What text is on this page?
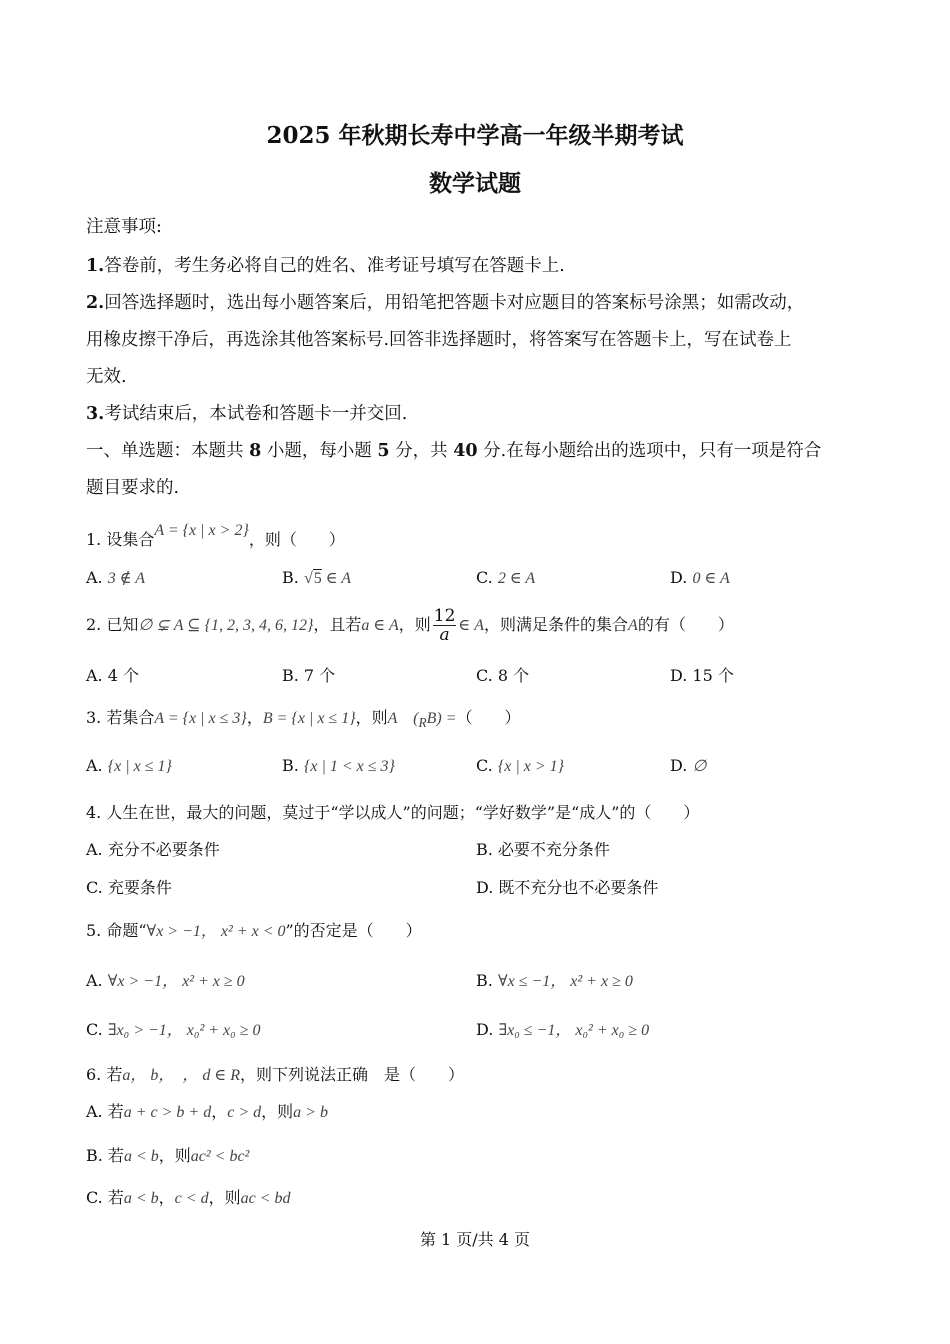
2025 年秋期长寿中学高一年级半期考试
数学试题
注意事项:
1.答卷前，考生务必将自己的姓名、准考证号填写在答题卡上.
2.回答选择题时，选出每小题答案后，用铅笔把答题卡对应题目的答案标号涂黑；如需改动，
用橡皮擦干净后，再选涂其他答案标号.回答非选择题时，将答案写在答题卡上，写在试卷上
无效.
3.考试结束后，本试卷和答题卡一并交回.
一、单选题：本题共 8 小题，每小题 5 分，共 40 分.在每小题给出的选项中，只有一项是符合
题目要求的.
1. 设集合A = {x | x > 2}，则（　　）
A. 3 ∉ A	B. √5 ∈ A	C. 2 ∈ A	D. 0 ∈ A
2. 已知∅ ⊊ A ⊆ {1, 2, 3, 4, 6, 12}，且若a ∈ A，则 $\frac{12}{a}$ ∈ A，则满足条件的集合A的有（　　）
A. 4 个	B. 7 个	C. 8 个	D. 15 个
3. 若集合A = {x | x ≤ 3}，B = {x | x ≤ 1}，则A　$(_RB)$ =（　　）
A. {x | x ≤ 1}	B. {x | 1 < x ≤ 3}	C. {x | x > 1}	D. ∅
4. 人生在世，最大的问题，莫过于“学以成人”的问题；“学好数学”是“成人”的（　　）
A. 充分不必要条件	B. 必要不充分条件
C. 充要条件	D. 既不充分也不必要条件
5. 命题“∀x > −1， x² + x < 0”的否定是（　　）
A. ∀x > −1， x² + x ≥ 0	B. ∀x ≤ −1， x² + x ≥ 0
C. ∃x₀ > −1， x₀² + x₀ ≥ 0	D. ∃x₀ ≤ −1， x₀² + x₀ ≥ 0
6. 若a， b，　， d ∈ R，则下列说法正确　是（　　）
A. 若a + c > b + d，c > d，则a > b
B. 若a < b，则ac² < bc²
C. 若a < b，c < d，则ac < bd
第 1 页/共 4 页
